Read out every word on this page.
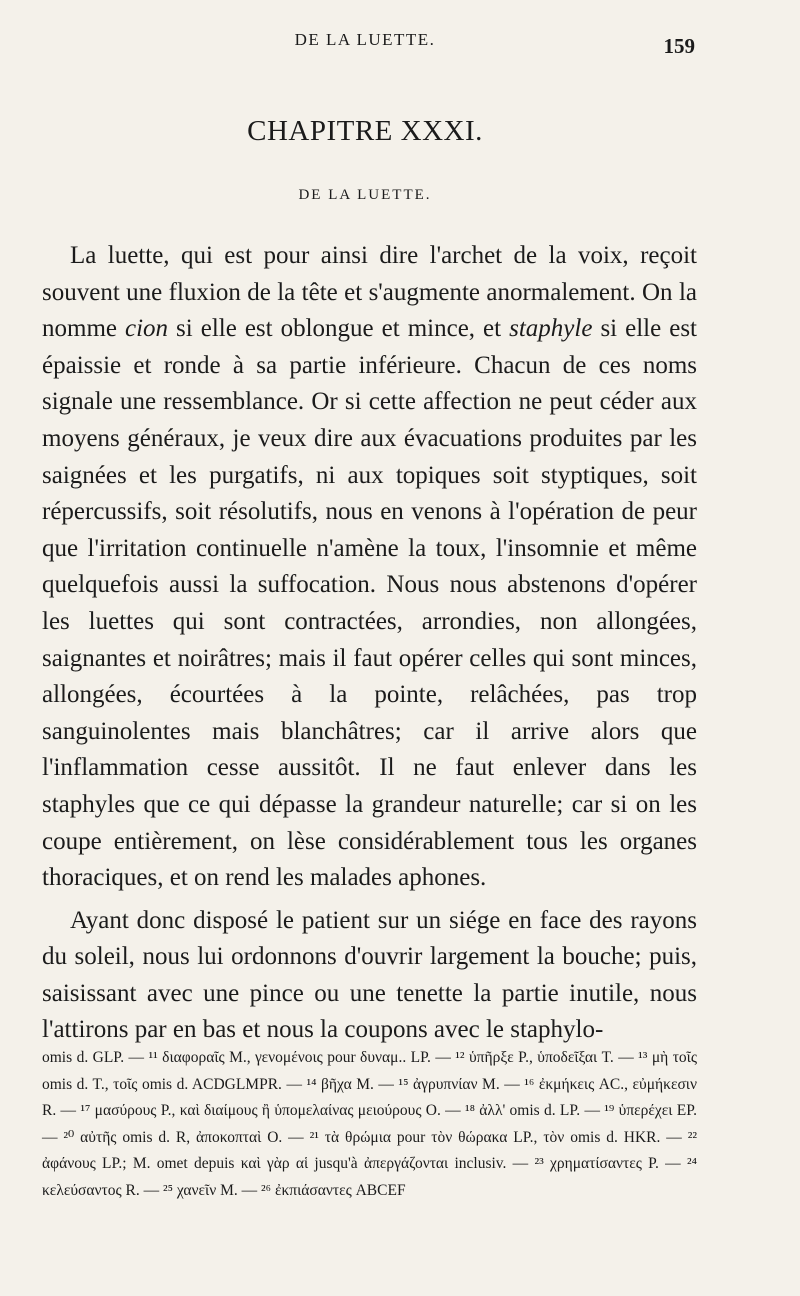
DE LA LUETTE.	159
CHAPITRE XXXI.
DE LA LUETTE.

La luette, qui est pour ainsi dire l'archet de la voix, reçoit souvent une fluxion de la tête et s'augmente anormalement. On la nomme cion si elle est oblongue et mince, et staphyle si elle est épaissie et ronde à sa partie inférieure. Chacun de ces noms signale une ressemblance. Or si cette affection ne peut céder aux moyens généraux, je veux dire aux évacuations produites par les saignées et les purgatifs, ni aux topiques soit styptiques, soit répercussifs, soit résolutifs, nous en venons à l'opération de peur que l'irritation continuelle n'amène la toux, l'insomnie et même quelquefois aussi la suffocation. Nous nous abstenons d'opérer les luettes qui sont contractées, arrondies, non allongées, saignantes et noirâtres; mais il faut opérer celles qui sont minces, allongées, écourtées à la pointe, relâchées, pas trop sanguinolentes mais blanchâtres; car il arrive alors que l'inflammation cesse aussitôt. Il ne faut enlever dans les staphyles que ce qui dépasse la grandeur naturelle; car si on les coupe entièrement, on lèse considérablement tous les organes thoraciques, et on rend les malades aphones.

Ayant donc disposé le patient sur un siége en face des rayons du soleil, nous lui ordonnons d'ouvrir largement la bouche; puis, saisissant avec une pince ou une tenette la partie inutile, nous l'attirons par en bas et nous la coupons avec le staphylo-

omis d. GLP. — ¹¹ διαφοραῖς M., γενομένοις pour δυναμ.. LP. — ¹² ὑπῆρξε P., ὑποδεῖξαι T. — ¹³ μὴ τοῖς omis d. T., τοῖς omis d. ACDGLMPR. — ¹⁴ βῆχα M. — ¹⁵ ἀγρυπνίαν M. — ¹⁶ ἐκμήκεις AC., εὐμήκεσιν R. — ¹⁷ μασύρους P., καὶ διαίμους ἢ ὑπομελαίνας μειούρους O. — ¹⁸ ἀλλ' omis d. LP. — ¹⁹ ὑπερέχει EP. — ²⁰ αὐτῆς omis d. R, ἀποκοπταὶ O. — ²¹ τὰ θρώμια pour τὸν θώρακα LP., τὸν omis d. HKR. — ²² ἀφάνους LP.; M. omet depuis καὶ γὰρ αἱ jusqu'à ἀπεργάζονται inclusiv. — ²³ χρηματίσαντες P. — ²⁴ κελεύσαντος R. — ²⁵ χανεῖν M. — ²⁶ ἐκπιάσαντες ABCEF
